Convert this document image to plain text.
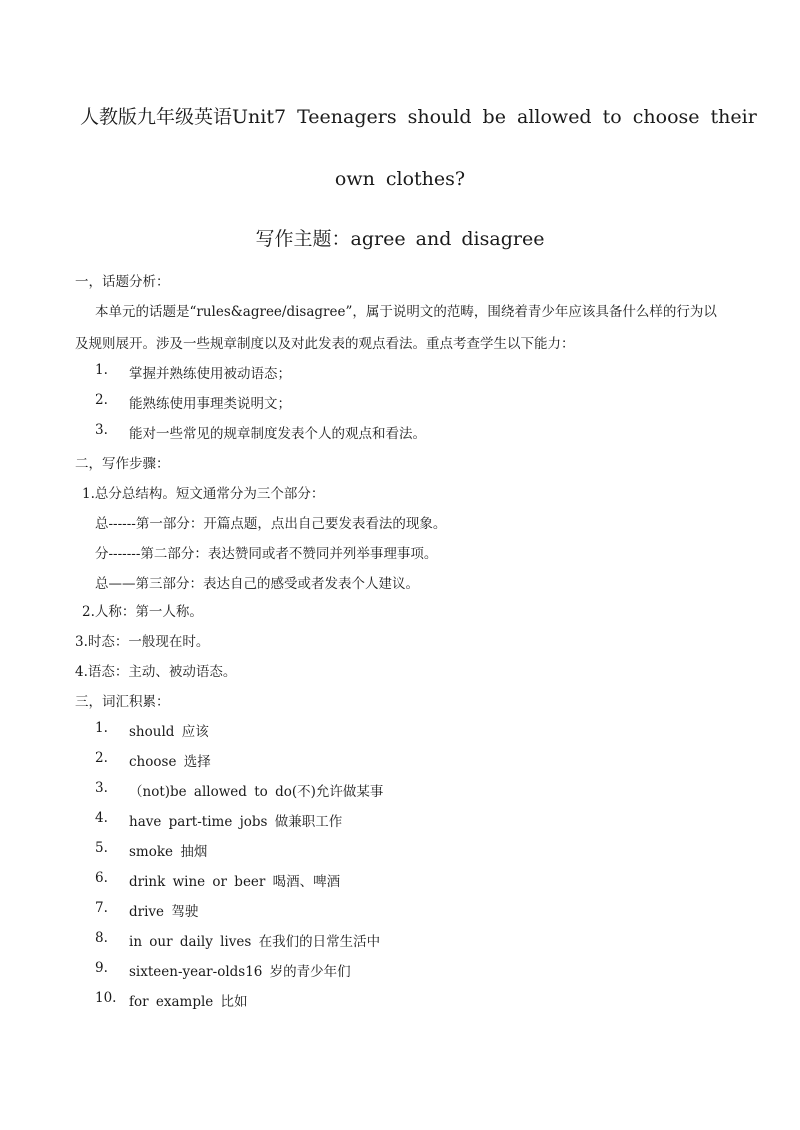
人教版九年级英语Unit7 Teenagers should be allowed to choose their
own clothes?
写作主题：agree and disagree
一，话题分析：
本单元的话题是“rules&agree/disagree”，属于说明文的范畴，围绕着青少年应该具备什么样的行为以及规则展开。涉及一些规章制度以及对此发表的观点看法。重点考查学生以下能力：
1. 掌握并熟练使用被动语态；
2. 能熟练使用事理类说明文；
3. 能对一些常见的规章制度发表个人的观点和看法。
二，写作步骤：
1.总分总结构。短文通常分为三个部分：
总------第一部分：开篇点题，点出自己要发表看法的现象。
分-------第二部分：表达赞同或者不赞同并列举事理事项。
总——第三部分：表达自己的感受或者发表个人建议。
2.人称：第一人称。
3.时态：一般现在时。
4.语态：主动、被动语态。
三，词汇积累：
1. should 应该
2. choose 选择
3. （not)be allowed to do(不)允许做某事
4. have part-time jobs 做兼职工作
5. smoke 抽烟
6. drink wine or beer 喝酒、啤酒
7. drive 驾驶
8. in our daily lives 在我们的日常生活中
9. sixteen-year-olds16 岁的青少年们
10. for example 比如
